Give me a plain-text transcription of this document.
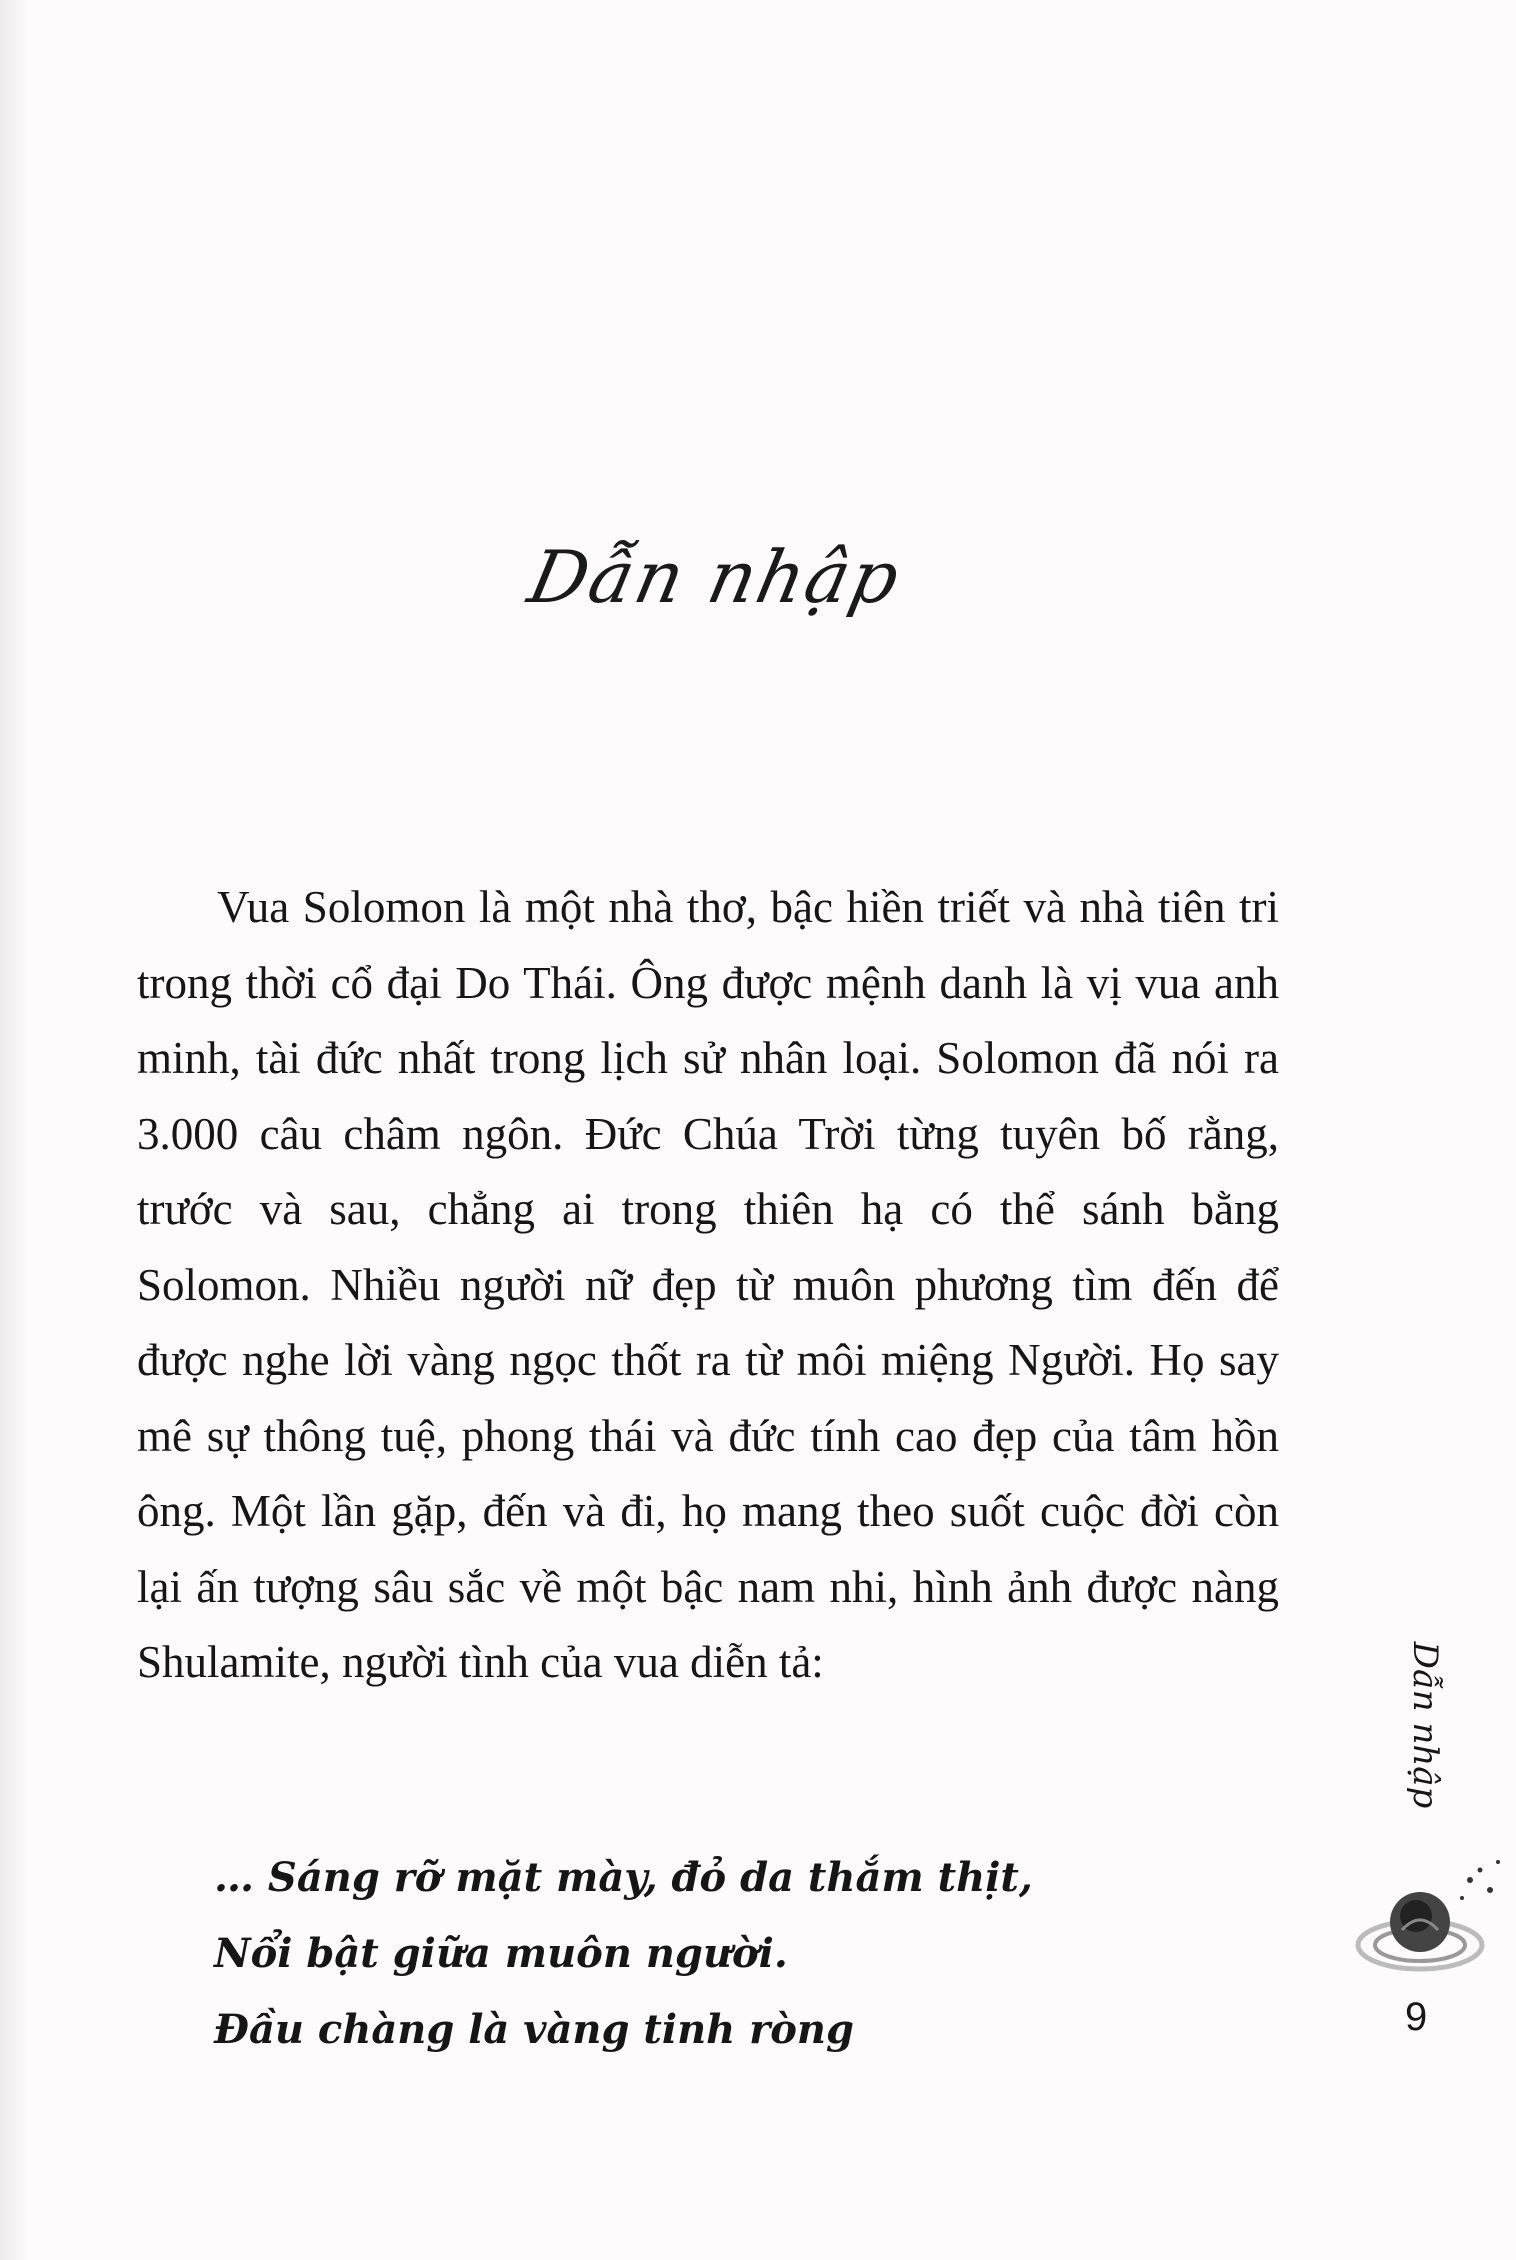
Dẫn nhập

Vua Solomon là một nhà thơ, bậc hiền triết và nhà tiên tri trong thời cổ đại Do Thái. Ông được mệnh danh là vị vua anh minh, tài đức nhất trong lịch sử nhân loại. Solomon đã nói ra 3.000 câu châm ngôn. Đức Chúa Trời từng tuyên bố rằng, trước và sau, chẳng ai trong thiên hạ có thể sánh bằng Solomon. Nhiều người nữ đẹp từ muôn phương tìm đến để được nghe lời vàng ngọc thốt ra từ môi miệng Người. Họ say mê sự thông tuệ, phong thái và đức tính cao đẹp của tâm hồn ông. Một lần gặp, đến và đi, họ mang theo suốt cuộc đời còn lại ấn tượng sâu sắc về một bậc nam nhi, hình ảnh được nàng Shulamite, người tình của vua diễn tả:

… Sáng rỡ mặt mày, đỏ da thắm thịt,
Nổi bật giữa muôn người.
Đầu chàng là vàng tinh ròng
Dẫn nhập
9
